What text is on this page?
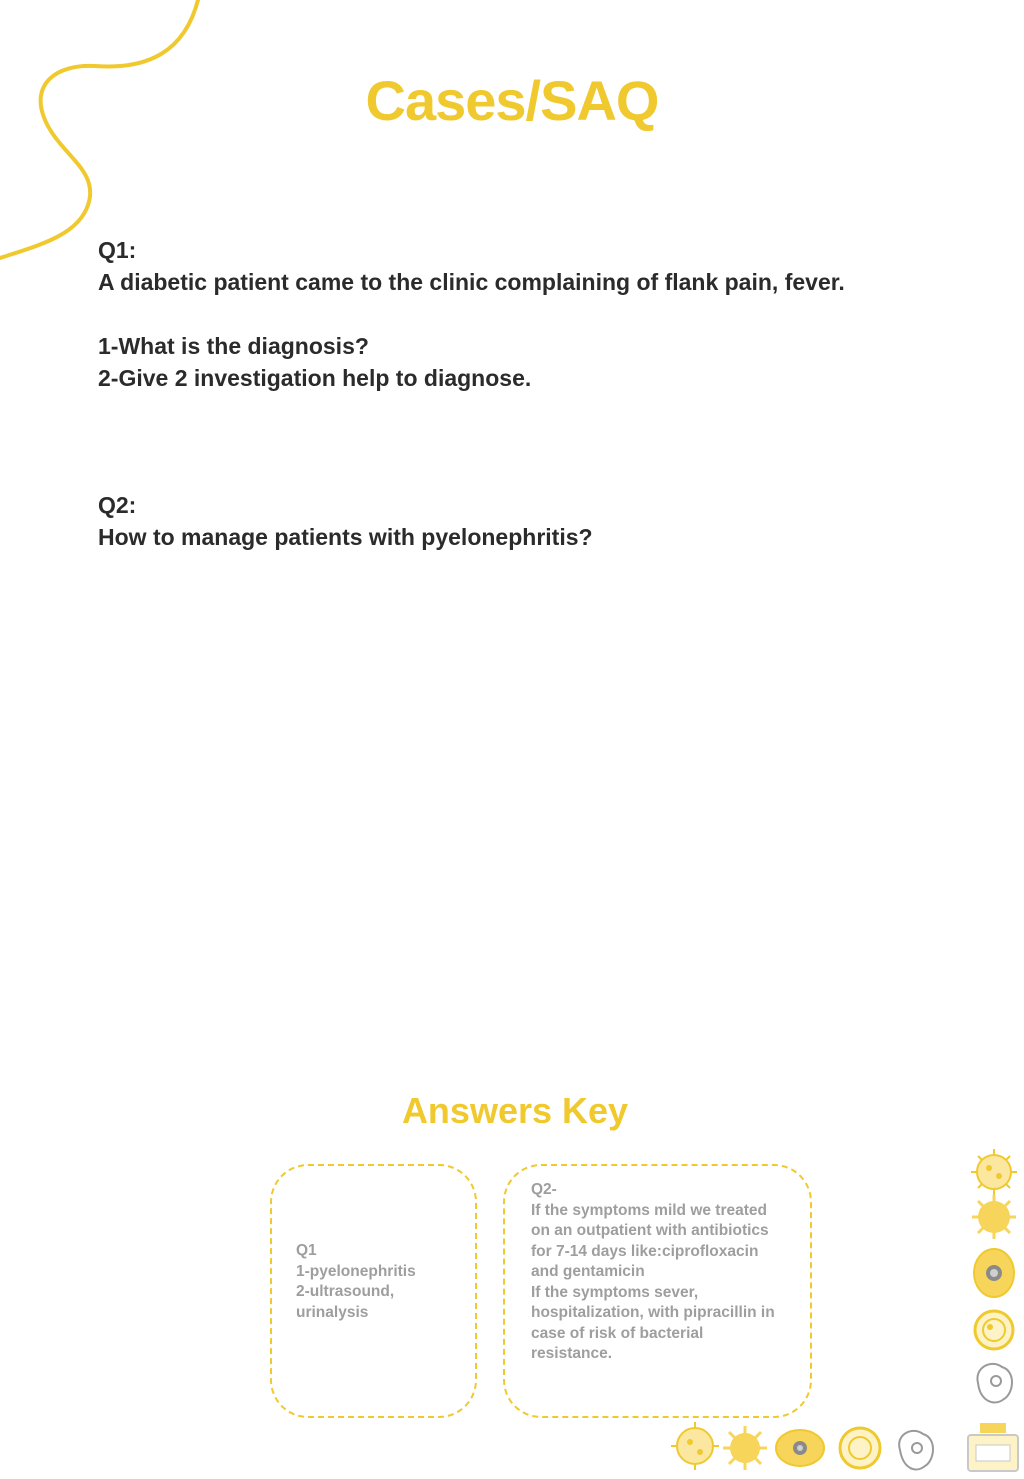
Cases/SAQ

Q1:

A diabetic patient came to the clinic complaining of flank pain, fever.

1-What is the diagnosis?

2-Give 2 investigation help to diagnose.

Q2:

How to manage patients with pyelonephritis?

Answers Key

Q1

1-pyelonephritis

2-ultrasound,

urinalysis

Q2-

If the symptoms mild we treated

on an outpatient with antibiotics

for 7-14 days like:ciprofloxacin

and gentamicin

If the symptoms sever,

hospitalization, with pipracillin in

case of risk of bacterial

resistance.
